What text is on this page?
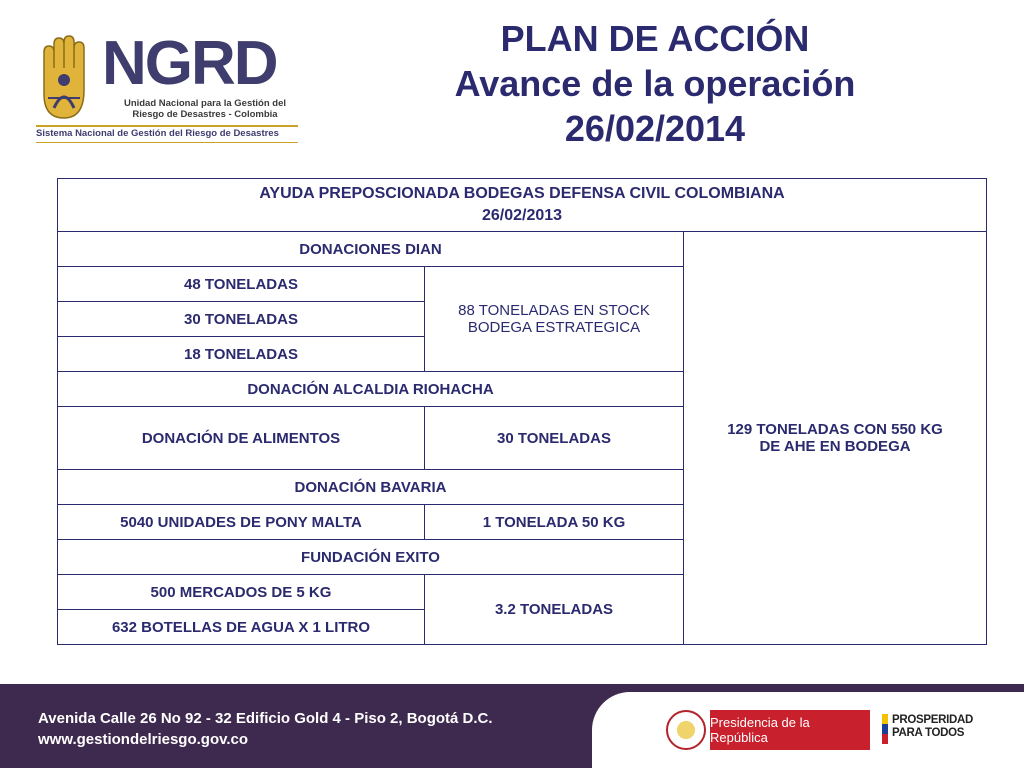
NGRD
Unidad Nacional para la Gestión del
Riesgo de Desastres - Colombia
Sistema Nacional de Gestión del Riesgo de Desastres
PLAN DE ACCIÓN
Avance de la operación
26/02/2014
AYUDA PREPOSCIONADA BODEGAS DEFENSA CIVIL COLOMBIANA
26/02/2013		

DONACIONES DIAN		129 TONELADAS CON 550 KG
DE AHE EN BODEGA

48 TONELADAS	88 TONELADAS EN STOCK
BODEGA ESTRATEGICA	

30 TONELADAS		
18 TONELADAS		
DONACIÓN ALCALDIA RIOHACHA		
DONACIÓN DE ALIMENTOS	30 TONELADAS	
DONACIÓN BAVARIA		
5040 UNIDADES DE PONY MALTA	1 TONELADA 50 KG	
FUNDACIÓN EXITO		
500 MERCADOS DE 5 KG	3.2 TONELADAS	
632 BOTELLAS DE AGUA X 1 LITRO		
Avenida Calle 26 No 92 - 32 Edificio Gold 4 - Piso 2, Bogotá D.C.
www.gestiondelriesgo.gov.co
Presidencia de la República
PROSPERIDAD
PARA TODOS
